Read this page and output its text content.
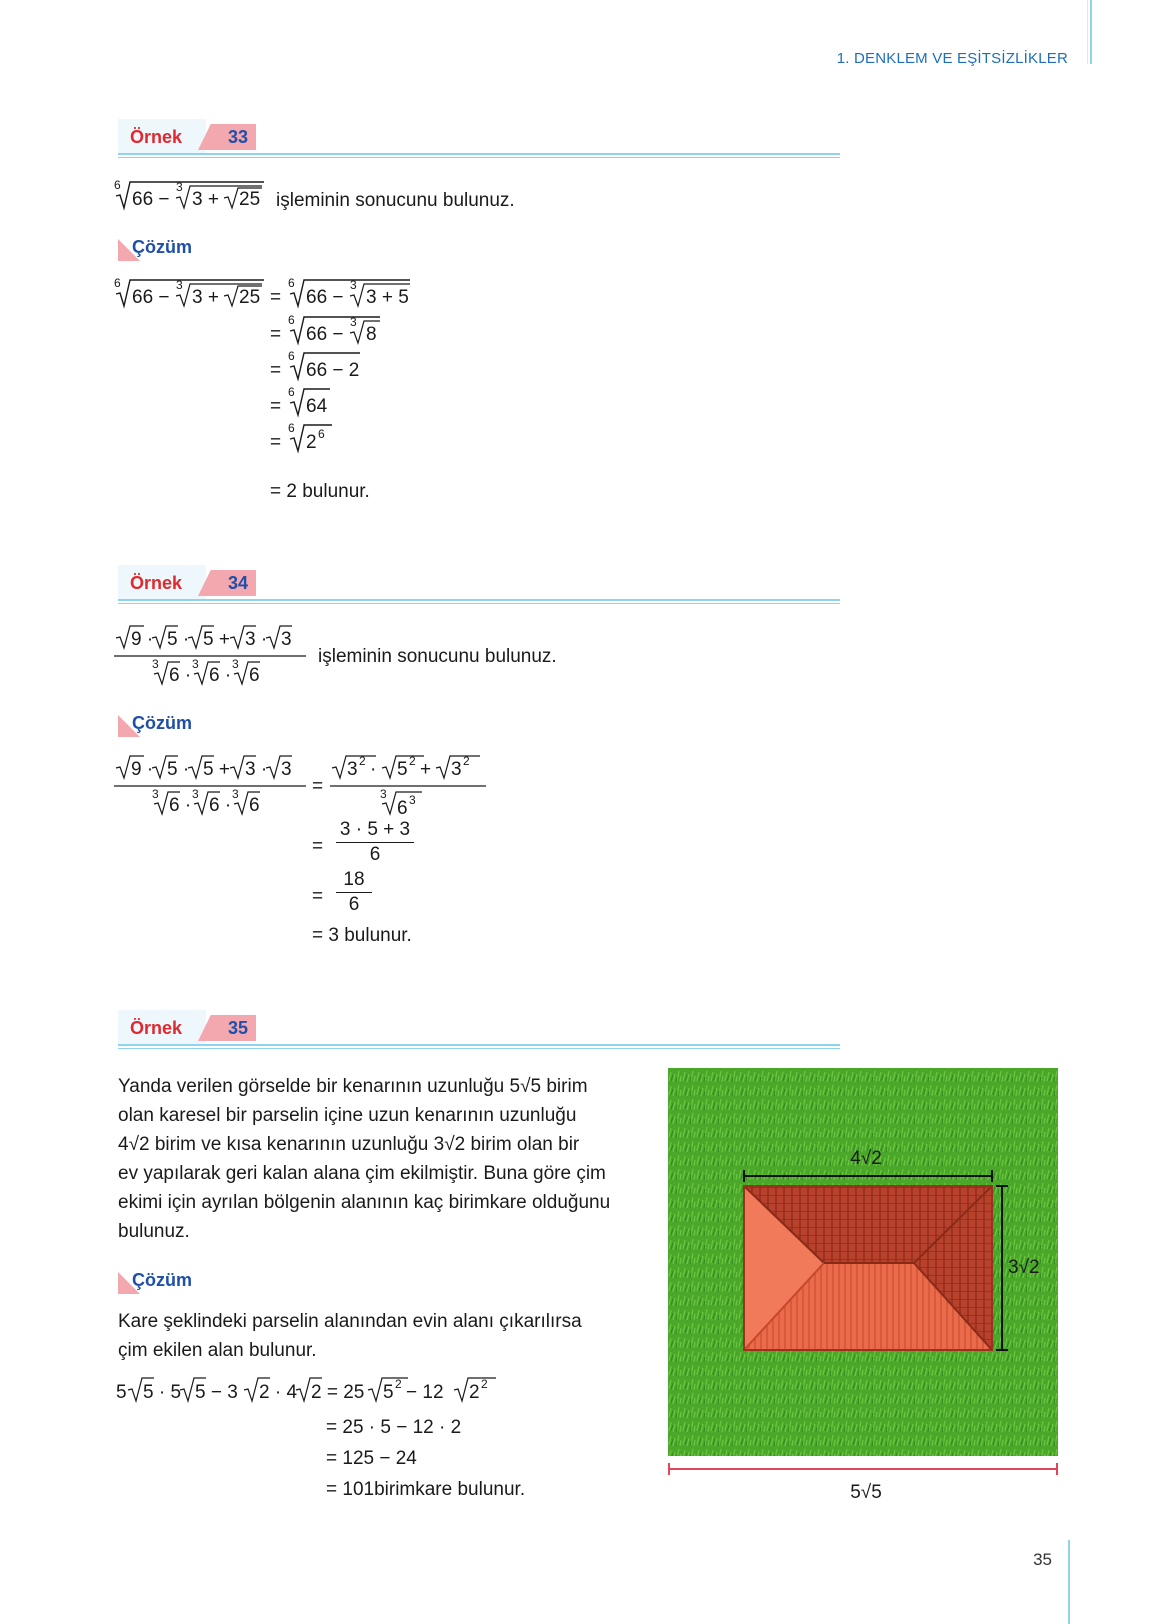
1. DENKLEM VE EŞİTSİZLİKLER
Örnek	33
6
66 −
3
3 + 25 işleminin sonucunu bulunuz.
Çözüm
6
66 −
3
3 + 25 =
6
66 −
3
3 + 5
=
6
66 −
3
8
=
6
66 − 2
=
6
64
=
6
2 6
= 2 bulunur.
Örnek	34
9 · 5 · 5 + 3 · 3
3
6 ·
3
6 ·
3
6
işleminin sonucunu bulunuz.
Çözüm
9 · 5 · 5 + 3 · 3
3
6 ·
3
6 ·
3
6
=
3 2 · 5 2 + 3 2
3
6 3
= $\frac{3 \cdot 5 + 3}{6}$
= $\frac{18}{6}$
= 3 bulunur.
Örnek	35
Yanda verilen görselde bir kenarının uzunluğu 5√5 birim
olan karesel bir parselin içine uzun kenarının uzunluğu
4√2 birim ve kısa kenarının uzunluğu 3√2 birim olan bir
ev yapılarak geri kalan alana çim ekilmiştir. Buna göre çim
ekimi için ayrılan bölgenin alanının kaç birimkare olduğunu
bulunuz.
Çözüm
Kare şeklindeki parselin alanından evin alanı çıkarılırsa
çim ekilen alan bulunur.
5 5 · 5 5 − 3 2 · 4 2 = 25 5 2 − 12 2 2
= 25 · 5 − 12 · 2
= 125 − 24
= 101birimkare bulunur.
4√2
3√2
5√5
35
